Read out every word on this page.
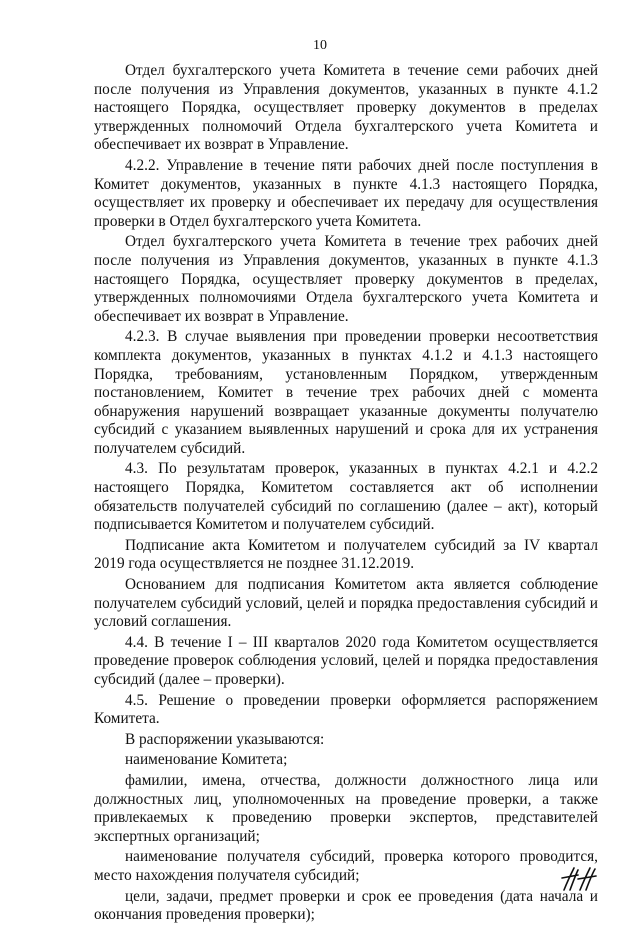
10

Отдел бухгалтерского учета Комитета в течение семи рабочих дней после получения из Управления документов, указанных в пункте 4.1.2 настоящего Порядка, осуществляет проверку документов в пределах утвержденных полномочий Отдела бухгалтерского учета Комитета и обеспечивает их возврат в Управление.

4.2.2. Управление в течение пяти рабочих дней после поступления в Комитет документов, указанных в пункте 4.1.3 настоящего Порядка, осуществляет их проверку и обеспечивает их передачу для осуществления проверки в Отдел бухгалтерского учета Комитета.

Отдел бухгалтерского учета Комитета в течение трех рабочих дней после получения из Управления документов, указанных в пункте 4.1.3 настоящего Порядка, осуществляет проверку документов в пределах, утвержденных полномочиями Отдела бухгалтерского учета Комитета и обеспечивает их возврат в Управление.

4.2.3. В случае выявления при проведении проверки несоответствия комплекта документов, указанных в пунктах 4.1.2 и 4.1.3 настоящего Порядка, требованиям, установленным Порядком, утвержденным постановлением, Комитет в течение трех рабочих дней с момента обнаружения нарушений возвращает указанные документы получателю субсидий с указанием выявленных нарушений и срока для их устранения получателем субсидий.

4.3. По результатам проверок, указанных в пунктах 4.2.1 и 4.2.2 настоящего Порядка, Комитетом составляется акт об исполнении обязательств получателей субсидий по соглашению (далее – акт), который подписывается Комитетом и получателем субсидий.

Подписание акта Комитетом и получателем субсидий за IV квартал 2019 года осуществляется не позднее 31.12.2019.

Основанием для подписания Комитетом акта является соблюдение получателем субсидий условий, целей и порядка предоставления субсидий и условий соглашения.

4.4. В течение I – III кварталов 2020 года Комитетом осуществляется проведение проверок соблюдения условий, целей и порядка предоставления субсидий (далее – проверки).

4.5. Решение о проведении проверки оформляется распоряжением Комитета.

В распоряжении указываются:

наименование Комитета;

фамилии, имена, отчества, должности должностного лица или должностных лиц, уполномоченных на проведение проверки, а также привлекаемых к проведению проверки экспертов, представителей экспертных организаций;

наименование получателя субсидий, проверка которого проводится, место нахождения получателя субсидий;

цели, задачи, предмет проверки и срок ее проведения (дата начала и окончания проведения проверки);
